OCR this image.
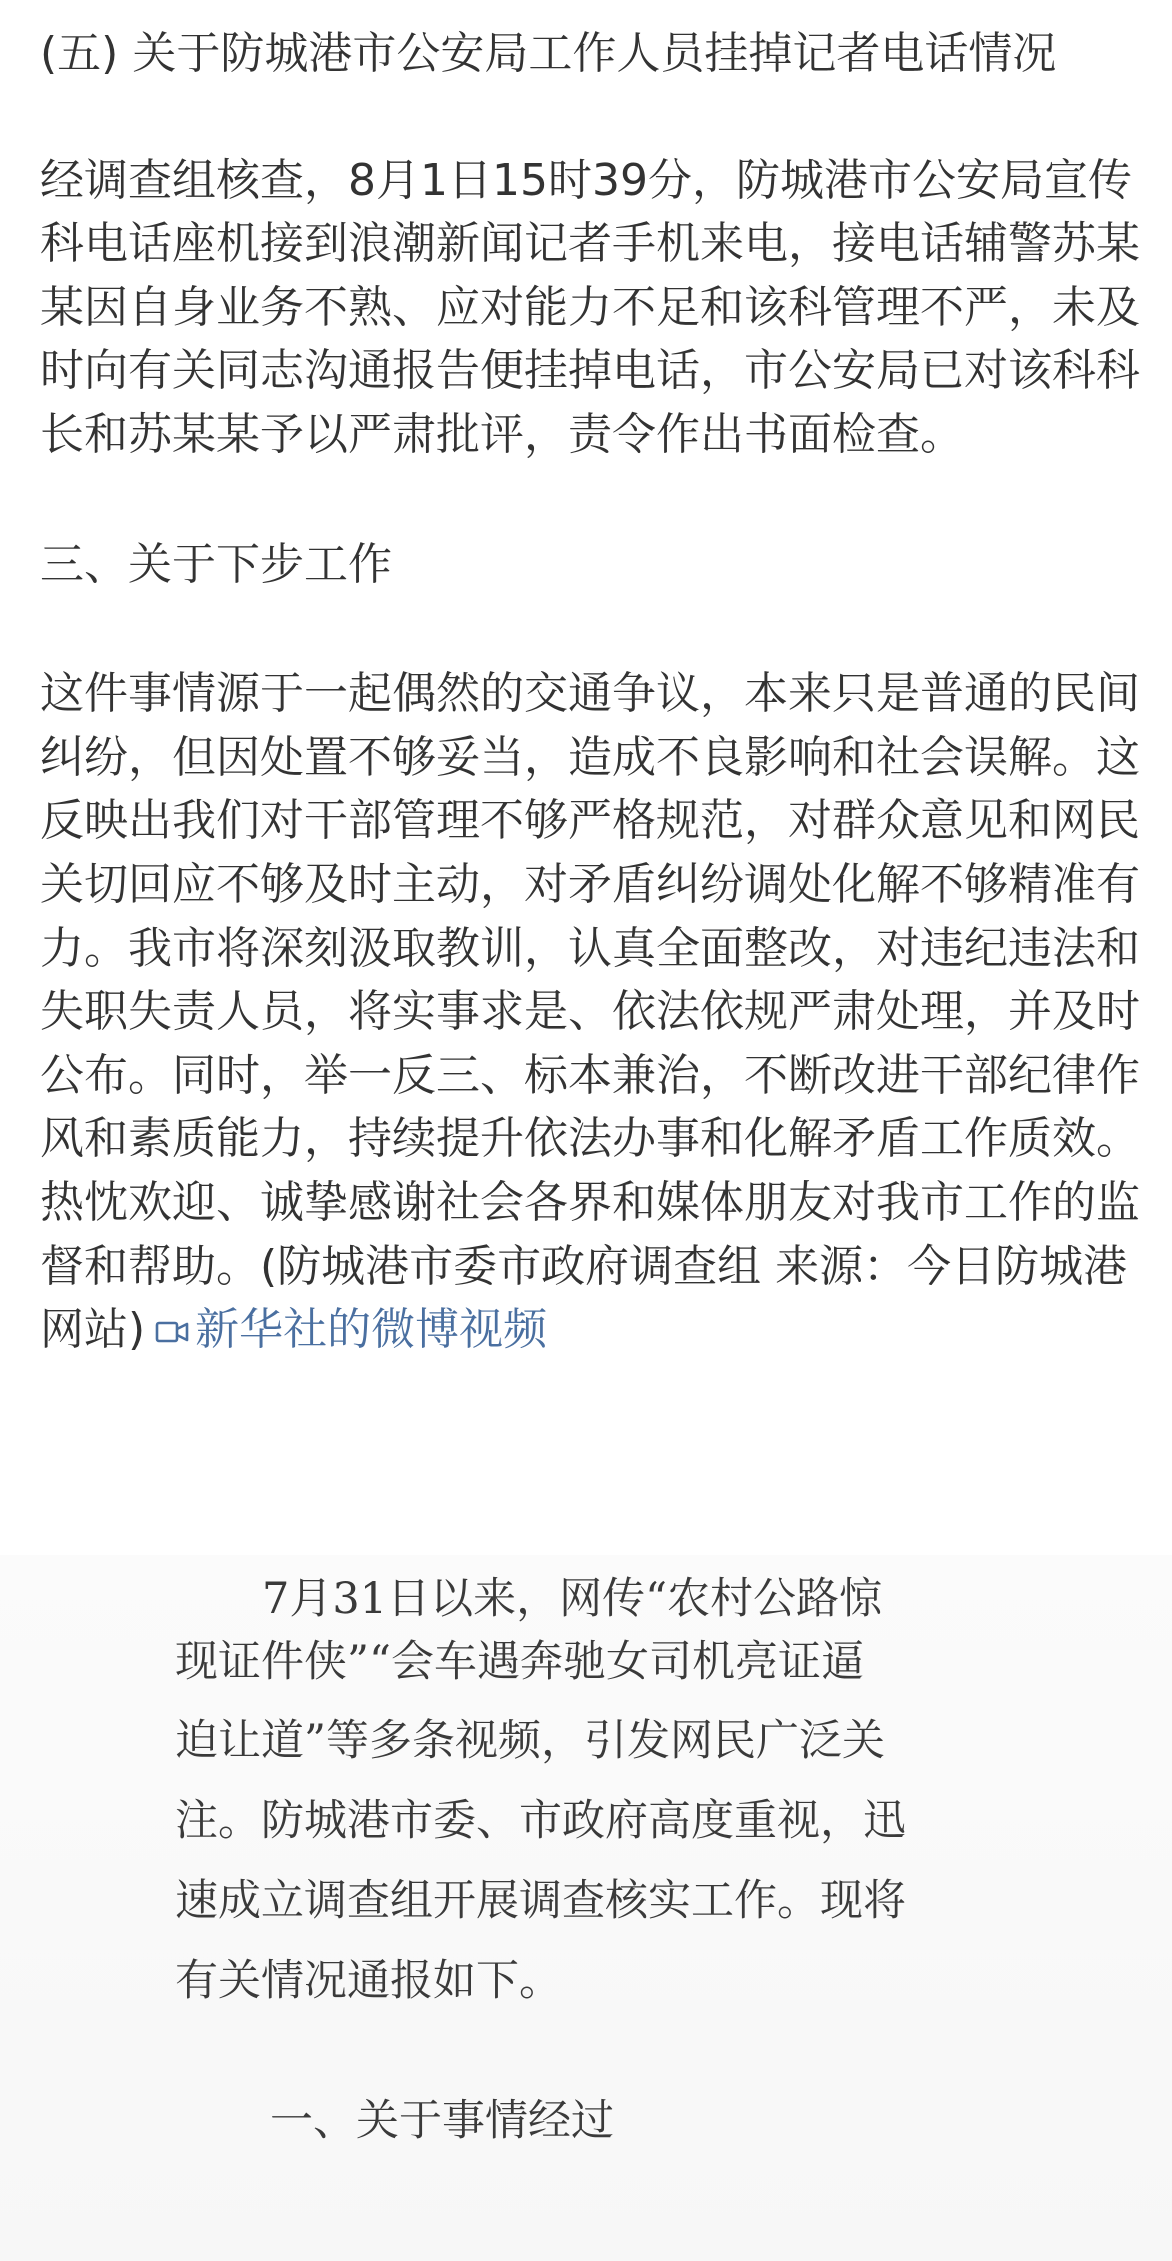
(五) 关于防城港市公安局工作人员挂掉记者电话情况

经调查组核查，8月1日15时39分，防城港市公安局宣传科电话座机接到浪潮新闻记者手机来电，接电话辅警苏某某因自身业务不熟、应对能力不足和该科管理不严，未及时向有关同志沟通报告便挂掉电话，市公安局已对该科科长和苏某某予以严肃批评，责令作出书面检查。

三、关于下步工作

这件事情源于一起偶然的交通争议，本来只是普通的民间纠纷，但因处置不够妥当，造成不良影响和社会误解。这反映出我们对干部管理不够严格规范，对群众意见和网民关切回应不够及时主动，对矛盾纠纷调处化解不够精准有力。我市将深刻汲取教训，认真全面整改，对违纪违法和失职失责人员，将实事求是、依法依规严肃处理，并及时公布。同时，举一反三、标本兼治，不断改进干部纪律作风和素质能力，持续提升依法办事和化解矛盾工作质效。热忱欢迎、诚挚感谢社会各界和媒体朋友对我市工作的监督和帮助。(防城港市委市政府调查组 来源：今日防城港网站) 新华社的微博视频

7月31日以来，网传“农村公路惊

现证件侠”“会车遇奔驰女司机亮证逼

迫让道”等多条视频，引发网民广泛关

注。防城港市委、市政府高度重视，迅

速成立调查组开展调查核实工作。现将

有关情况通报如下。

一、关于事情经过
